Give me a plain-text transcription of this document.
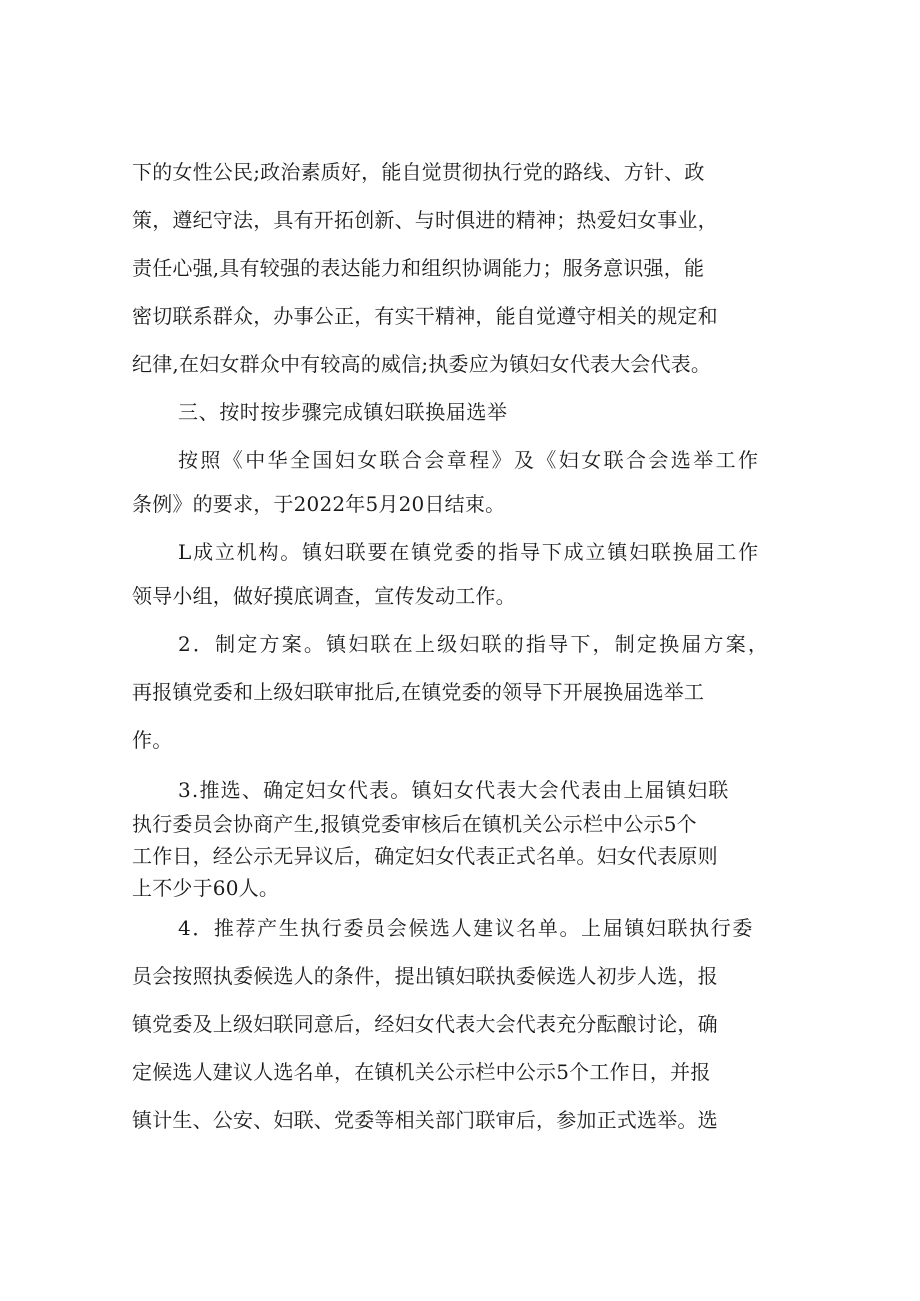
下的女性公民;政治素质好，能自觉贯彻执行党的路线、方针、政
策，遵纪守法，具有开拓创新、与时俱进的精神；热爱妇女事业，
责任心强,具有较强的表达能力和组织协调能力；服务意识强，能
密切联系群众，办事公正，有实干精神，能自觉遵守相关的规定和
纪律,在妇女群众中有较高的威信;执委应为镇妇女代表大会代表。
三、按时按步骤完成镇妇联换届选举
按照《中华全国妇女联合会章程》及《妇女联合会选举工作
条例》的要求，于2022年5月20日结束。
L成立机构。镇妇联要在镇党委的指导下成立镇妇联换届工作
领导小组，做好摸底调查，宣传发动工作。
2．制定方案。镇妇联在上级妇联的指导下，制定换届方案，
再报镇党委和上级妇联审批后,在镇党委的领导下开展换届选举工
作。
3.推选、确定妇女代表。镇妇女代表大会代表由上届镇妇联
执行委员会协商产生,报镇党委审核后在镇机关公示栏中公示5个
工作日，经公示无异议后，确定妇女代表正式名单。妇女代表原则
上不少于60人。
4．推荐产生执行委员会候选人建议名单。上届镇妇联执行委
员会按照执委候选人的条件，提出镇妇联执委候选人初步人选，报
镇党委及上级妇联同意后，经妇女代表大会代表充分酝酿讨论，确
定候选人建议人选名单，在镇机关公示栏中公示5个工作日，并报
镇计生、公安、妇联、党委等相关部门联审后，参加正式选举。选
